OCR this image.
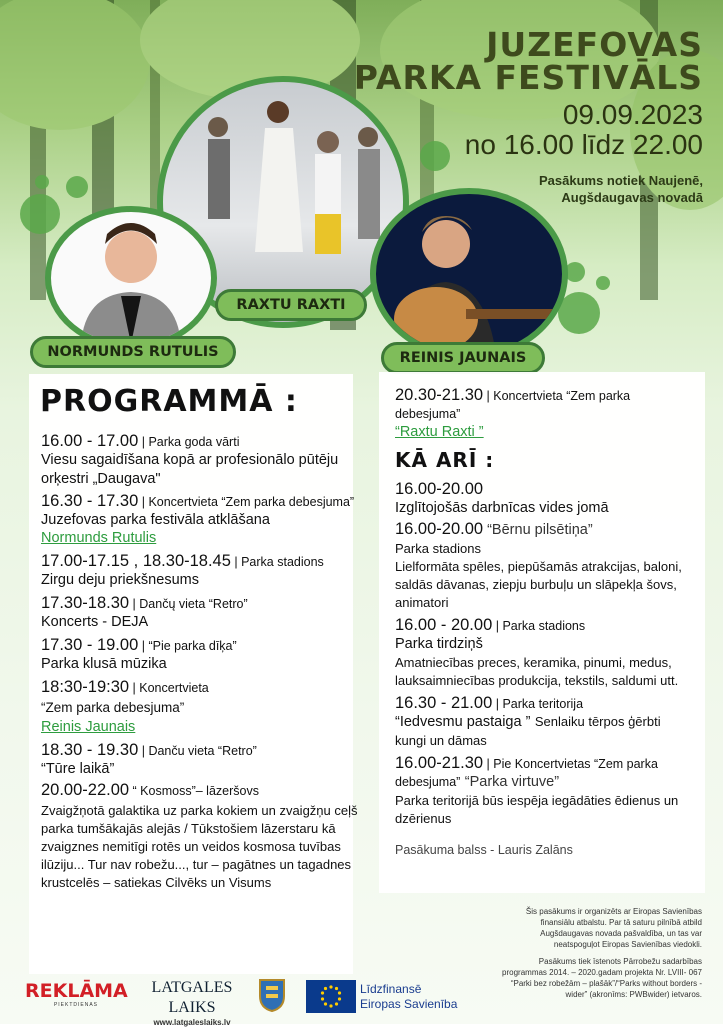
JUZEFOVAS
PARKA FESTIVĀLS
09.09.2023
no 16.00 līdz 22.00
Pasākums notiek Naujenē,
Augšdaugavas novadā
NORMUNDS RUTULIS
RAXTU RAXTI
REINIS JAUNAIS
PROGRAMMĀ :
16.00 - 17.00 | Parka goda vārti
Viesu sagaidīšana kopā ar profesionālo pūtēju orķestri „Daugava"
16.30 - 17.30 | Koncertvieta “Zem parka debesjuma”
Juzefovas parka festivāla atklāšana
Normunds Rutulis
17.00-17.15 , 18.30-18.45 | Parka stadions
Zirgu deju priekšnesums
17.30-18.30 | Dančų vieta “Retro”
Koncerts - DEJA
17.30 - 19.00 | “Pie parka dīķa”
Parka klusā mūzika
18:30-19:30 | Koncertvieta
“Zem parka debesjuma”
Reinis Jaunais
18.30 - 19.30 | Danču vieta “Retro”
“Tūre laikā”
20.00-22.00 “ Kosmoss”– lāzeršovs
Zvaigžņotā galaktika uz parka kokiem un zvaigžņu ceļš parka tumšākajās alejās / Tūkstošiem lāzerstaru kā zvaigznes nemitīgi rotēs un veidos kosmosa tuvības ilūziju... Tur nav robežu..., tur – pagātnes un tagadnes krustcelēs – satiekas Cilvēks un Visums
20.30-21.30 | Koncertvieta “Zem parka debesjuma”
“Raxtu Raxti ”
KĀ ARĪ :
16.00-20.00
Izglītojošās darbnīcas vides jomā
16.00-20.00 “Bērnu pilsētiņa”
Parka stadions
Lielformāta spēles, piepūšamās atrakcijas, baloni, saldās dāvanas, ziepju burbuļu un slāpekļa šovs, animatori
16.00 - 20.00 | Parka stadions
Parka tirdziņš
Amatniecības preces, keramika, pinumi, medus, lauksaimniecības produkcija, tekstils, saldumi utt.
16.30 - 21.00 | Parka teritorija
“Iedvesmu pastaiga ” Senlaiku tērpos ģērbti kungi un dāmas
16.00-21.30 | Pie Koncertvietas “Zem parka debesjuma” “Parka virtuve”
Parka teritorijā būs iespēja iegādāties ēdienus un dzērienus
Pasākuma balss - Lauris Zalāns
Šis pasākums ir organizēts ar Eiropas Savienības finansiālu atbalstu. Par tā saturu pilnībā atbild Augšdaugavas novada pašvaldība, un tas var neatspoguļot Eiropas Savienības viedokli.
Pasākums tiek īstenots Pārrobežu sadarbības programmas 2014. – 2020.gadam projekta Nr. LVIII- 067 “Parki bez robežām – plašāk”/“Parks without borders -wider” (akronīms: PWBwider) ietvaros.
REKLĀMA
PIEKTDIENAS
LATGALES LAIKS
www.latgaleslaiks.lv
Līdzfinansē
Eiropas Savienība
